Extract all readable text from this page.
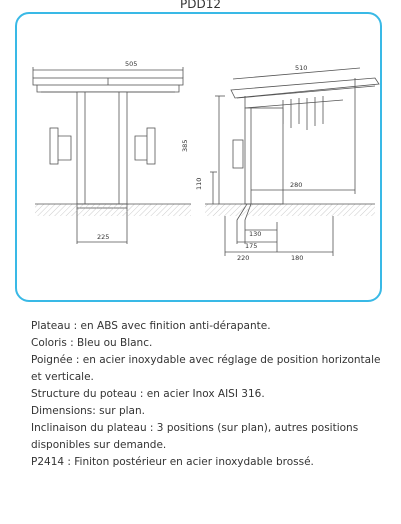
PDD12
505
225
510
385
110	280
130
175
220	180
Plateau : en ABS avec finition anti-dérapante.
Coloris : Bleu ou Blanc.
Poignée : en acier inoxydable avec réglage de position horizontale et verticale.
Structure du poteau : en acier Inox AISI 316.
Dimensions: sur plan.
Inclinaison du plateau : 3 positions (sur plan), autres positions disponibles sur demande.
P2414 : Finiton postérieur en acier inoxydable brossé.
